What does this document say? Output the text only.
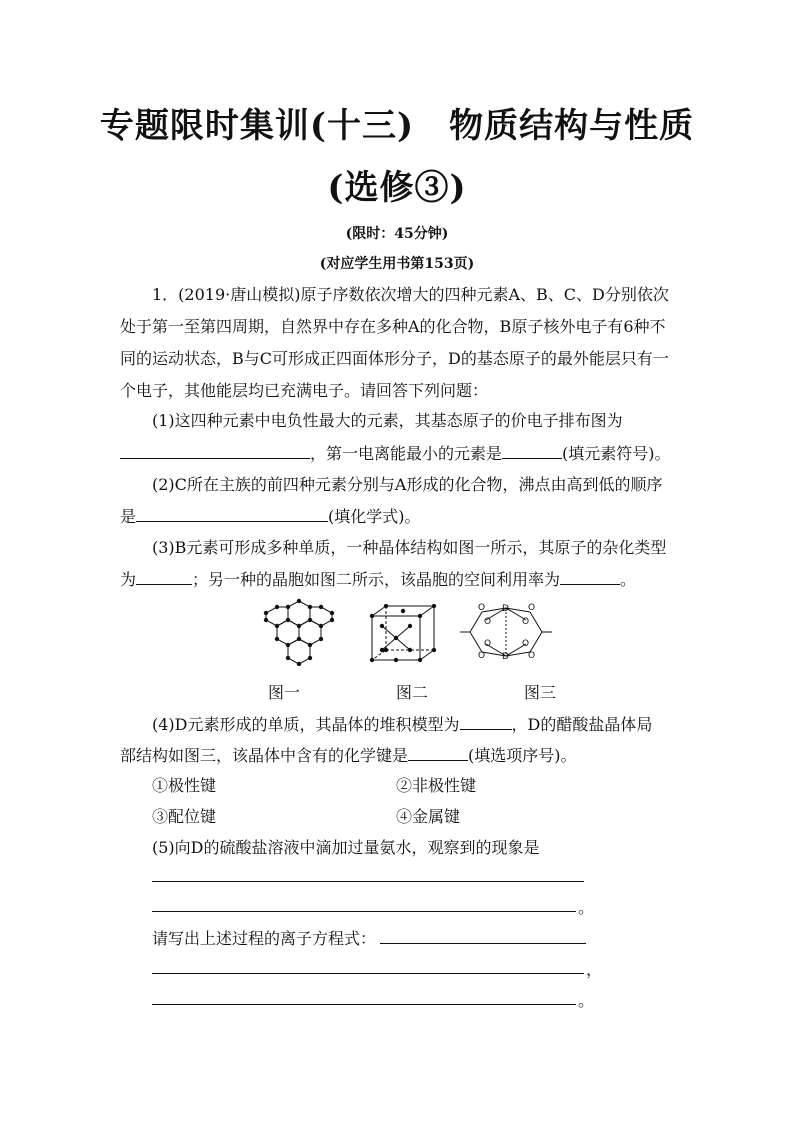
专题限时集训(十三)　物质结构与性质
(选修③)
(限时：45分钟)
(对应学生用书第153页)
1．(2019·唐山模拟)原子序数依次增大的四种元素A、B、C、D分别依次处于第一至第四周期，自然界中存在多种A的化合物，B原子核外电子有6种不同的运动状态，B与C可形成正四面体形分子，D的基态原子的最外能层只有一个电子，其他能层均已充满电子。请回答下列问题：
(1)这四种元素中电负性最大的元素，其基态原子的价电子排布图为
，第一电离能最小的元素是	(填元素符号)。
(2)C所在主族的前四种元素分别与A形成的化合物，沸点由高到低的顺序
是	(填化学式)。
(3)B元素可形成多种单质，一种晶体结构如图一所示，其原子的杂化类型
为	；另一种的晶胞如图二所示，该晶胞的空间利用率为	。
D
D
O
O
O
O
O
O
O
O
图一	图二	图三
(4)D元素形成的单质，其晶体的堆积模型为	，D的醋酸盐晶体局
部结构如图三，该晶体中含有的化学键是	(填选项序号)。
①极性键	②非极性键
③配位键	④金属键
(5)向D的硫酸盐溶液中滴加过量氨水，观察到的现象是
。
请写出上述过程的离子方程式：
，
。
